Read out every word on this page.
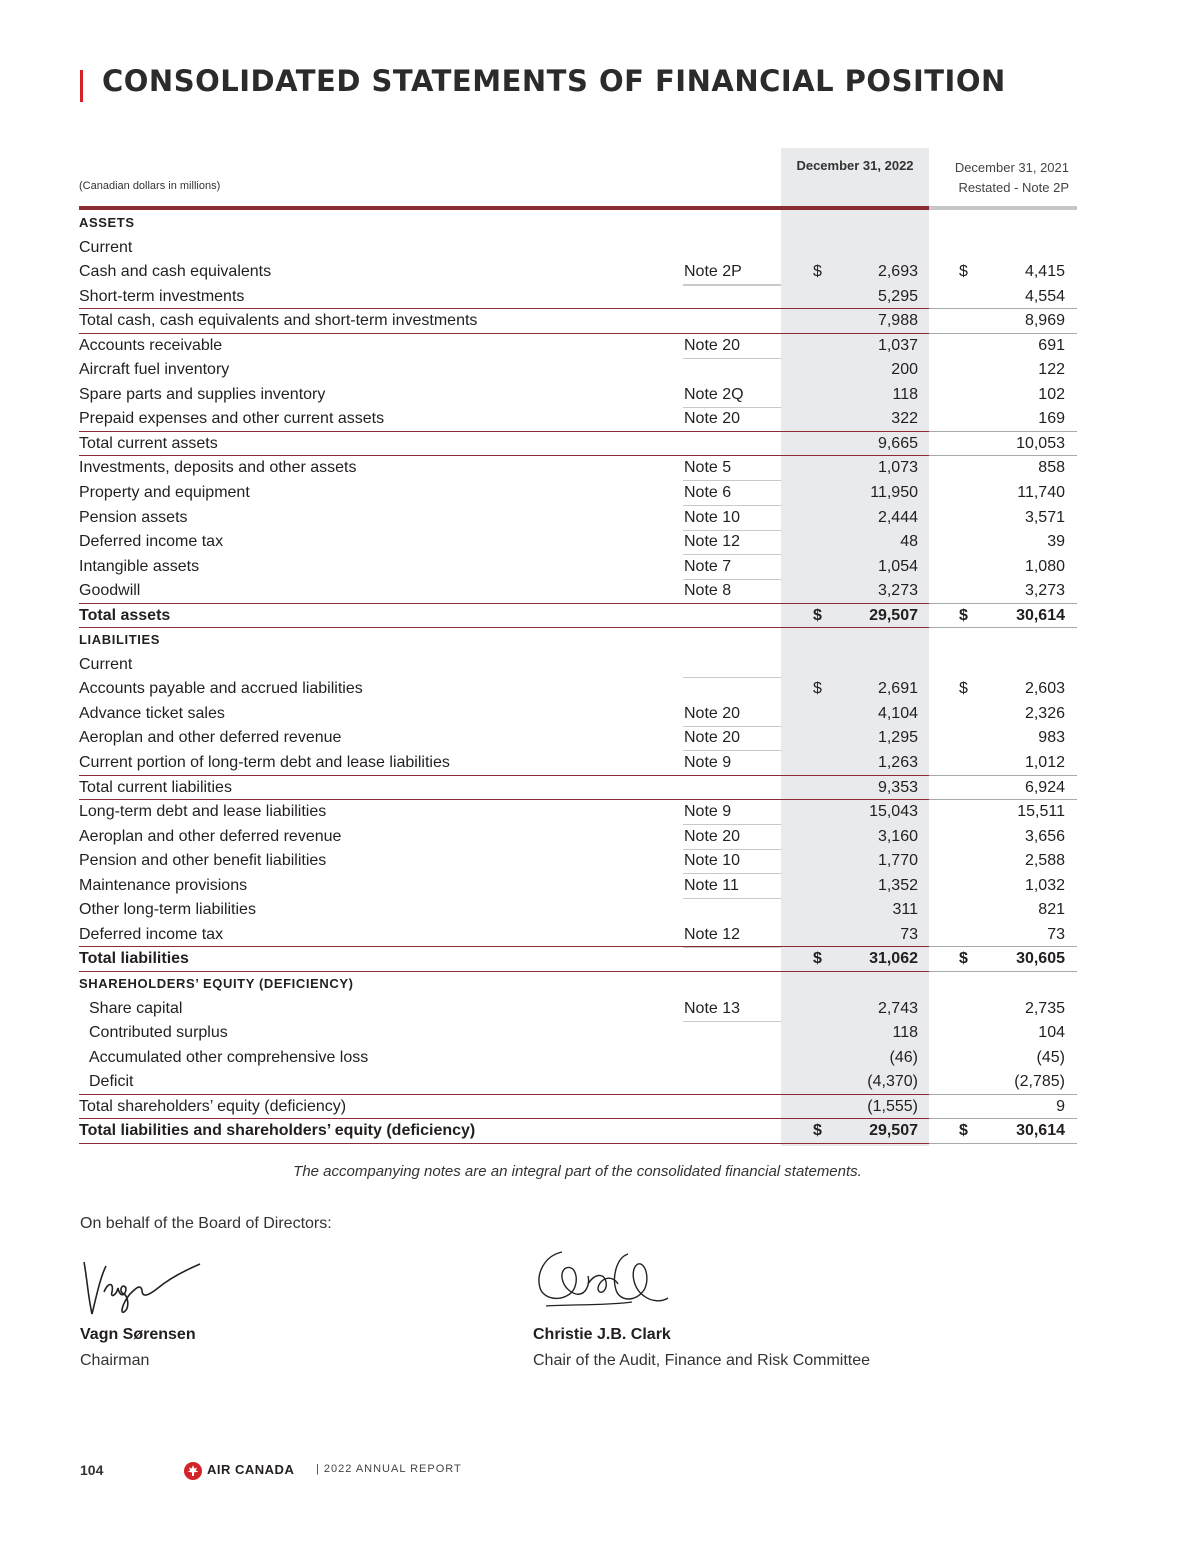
CONSOLIDATED STATEMENTS OF FINANCIAL POSITION
(Canadian dollars in millions)
December 31, 2022	December 31, 2021
Restated - Note 2P
ASSETS
Current
Cash and cash equivalents	Note 2P	$	2,693	$	4,415
Short-term investments	5,295	4,554
Total cash, cash equivalents and short-term investments	7,988	8,969
Accounts receivable	Note 20	1,037	691
Aircraft fuel inventory	200	122
Spare parts and supplies inventory	Note 2Q	118	102
Prepaid expenses and other current assets	Note 20	322	169
Total current assets	9,665	10,053
Investments, deposits and other assets	Note 5	1,073	858
Property and equipment	Note 6	11,950	11,740
Pension assets	Note 10	2,444	3,571
Deferred income tax	Note 12	48	39
Intangible assets	Note 7	1,054	1,080
Goodwill	Note 8	3,273	3,273
Total assets	$	29,507	$	30,614
LIABILITIES
Current
Accounts payable and accrued liabilities	$	2,691	$	2,603
Advance ticket sales	Note 20	4,104	2,326
Aeroplan and other deferred revenue	Note 20	1,295	983
Current portion of long-term debt and lease liabilities	Note 9	1,263	1,012
Total current liabilities	9,353	6,924
Long-term debt and lease liabilities	Note 9	15,043	15,511
Aeroplan and other deferred revenue	Note 20	3,160	3,656
Pension and other benefit liabilities	Note 10	1,770	2,588
Maintenance provisions	Note 11	1,352	1,032
Other long-term liabilities	311	821
Deferred income tax	Note 12	73	73
Total liabilities	$	31,062	$	30,605
SHAREHOLDERS’ EQUITY (DEFICIENCY)
Share capital	Note 13	2,743	2,735
Contributed surplus	118	104
Accumulated other comprehensive loss	(46)	(45)
Deficit	(4,370)	(2,785)
Total shareholders’ equity (deficiency)	(1,555)	9
Total liabilities and shareholders’ equity (deficiency)	$	29,507	$	30,614
The accompanying notes are an integral part of the consolidated financial statements.
On behalf of the Board of Directors:
Vagn Sørensen
Chairman
Christie J.B. Clark
Chair of the Audit, Finance and Risk Committee
104	AIR CANADA | 2022 ANNUAL REPORT
